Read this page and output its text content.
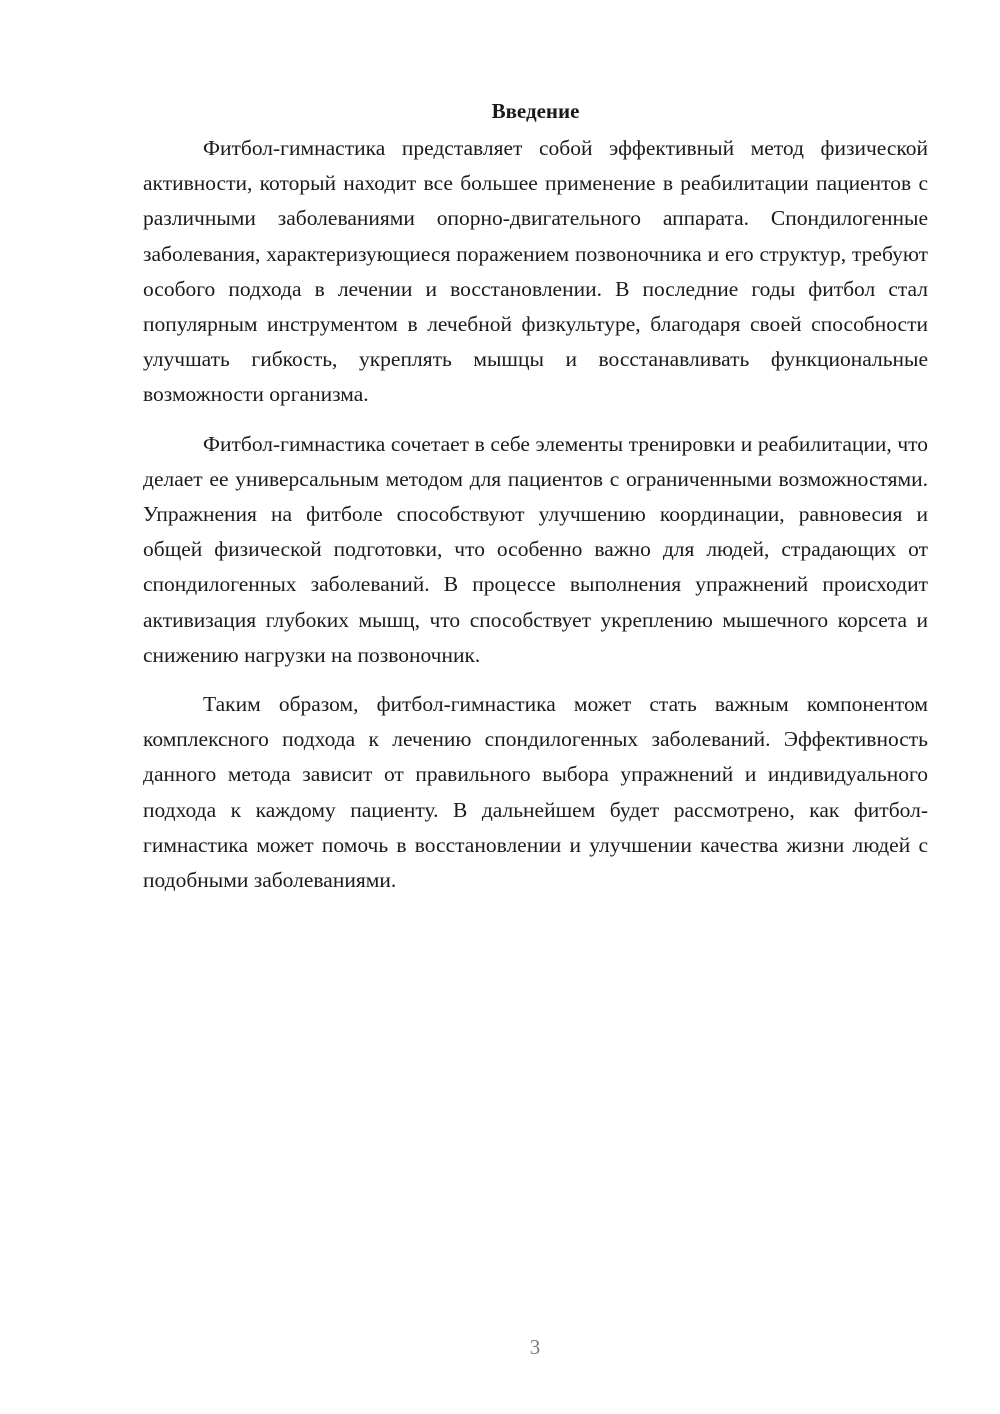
Введение

Фитбол-гимнастика представляет собой эффективный метод физической активности, который находит все большее применение в реабилитации пациентов с различными заболеваниями опорно-двигательного аппарата. Спондилогенные заболевания, характеризующиеся поражением позвоночника и его структур, требуют особого подхода в лечении и восстановлении. В последние годы фитбол стал популярным инструментом в лечебной физкультуре, благодаря своей способности улучшать гибкость, укреплять мышцы и восстанавливать функциональные возможности организма.

Фитбол-гимнастика сочетает в себе элементы тренировки и реабилитации, что делает ее универсальным методом для пациентов с ограниченными возможностями. Упражнения на фитболе способствуют улучшению координации, равновесия и общей физической подготовки, что особенно важно для людей, страдающих от спондилогенных заболеваний. В процессе выполнения упражнений происходит активизация глубоких мышц, что способствует укреплению мышечного корсета и снижению нагрузки на позвоночник.

Таким образом, фитбол-гимнастика может стать важным компонентом комплексного подхода к лечению спондилогенных заболеваний. Эффективность данного метода зависит от правильного выбора упражнений и индивидуального подхода к каждому пациенту. В дальнейшем будет рассмотрено, как фитбол-гимнастика может помочь в восстановлении и улучшении качества жизни людей с подобными заболеваниями.

3
